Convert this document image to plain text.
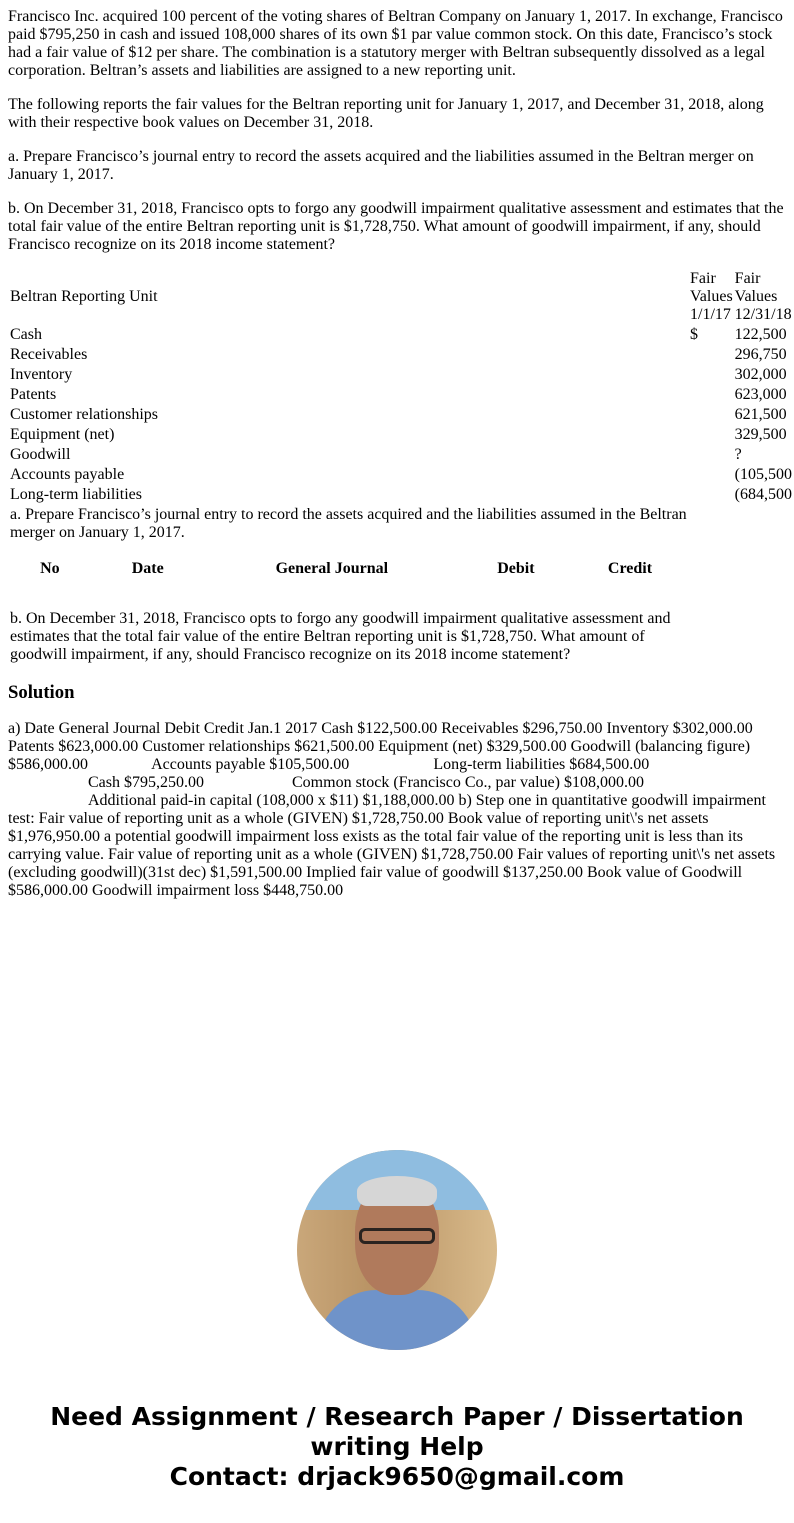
Francisco Inc. acquired 100 percent of the voting shares of Beltran Company on January 1, 2017. In exchange, Francisco paid $795,250 in cash and issued 108,000 shares of its own $1 par value common stock. On this date, Francisco’s stock had a fair value of $12 per share. The combination is a statutory merger with Beltran subsequently dissolved as a legal corporation. Beltran’s assets and liabilities are assigned to a new reporting unit.

The following reports the fair values for the Beltran reporting unit for January 1, 2017, and December 31, 2018, along with their respective book values on December 31, 2018.

a. Prepare Francisco’s journal entry to record the assets acquired and the liabilities assumed in the Beltran merger on January 1, 2017.

b. On December 31, 2018, Francisco opts to forgo any goodwill impairment qualitative assessment and estimates that the total fair value of the entire Beltran reporting unit is $1,728,750. What amount of goodwill impairment, if any, should Francisco recognize on its 2018 income statement?

Beltran Reporting Unit	Fair Values 1/1/17	Fair Values 12/31/18
Cash	$	122,500
Receivables		296,750
Inventory		302,000
Patents		623,000
Customer relationships		621,500
Equipment (net)		329,500
Goodwill		?
Accounts payable		(105,500
Long-term liabilities		(684,500
a. Prepare Francisco’s journal entry to record the assets acquired and the liabilities assumed in the Beltran merger on January 1, 2017.		
No	Date	General Journal	Debit	Credit
b. On December 31, 2018, Francisco opts to forgo any goodwill impairment qualitative assessment and estimates that the total fair value of the entire Beltran reporting unit is $1,728,750. What amount of goodwill impairment, if any, should Francisco recognize on its 2018 income statement?
Solution
a) Date General Journal Debit Credit Jan.1 2017 Cash $122,500.00 Receivables $296,750.00 Inventory $302,000.00 Patents $623,000.00 Customer relationships $621,500.00 Equipment (net) $329,500.00 Goodwill (balancing figure) $586,000.00	Accounts payable $105,500.00	Long-term liabilities $684,500.00
Cash $795,250.00	Common stock (Francisco Co., par value) $108,000.00
Additional paid-in capital (108,000 x $11) $1,188,000.00 b) Step one in quantitative goodwill impairment test: Fair value of reporting unit as a whole (GIVEN) $1,728,750.00 Book value of reporting unit\'s net assets $1,976,950.00 a potential goodwill impairment loss exists as the total fair value of the reporting unit is less than its carrying value. Fair value of reporting unit as a whole (GIVEN) $1,728,750.00 Fair values of reporting unit\'s net assets (excluding goodwill)(31st dec) $1,591,500.00 Implied fair value of goodwill $137,250.00 Book value of Goodwill $586,000.00 Goodwill impairment loss $448,750.00
Need Assignment / Research Paper / Dissertation writing Help
Contact: drjack9650@gmail.com
